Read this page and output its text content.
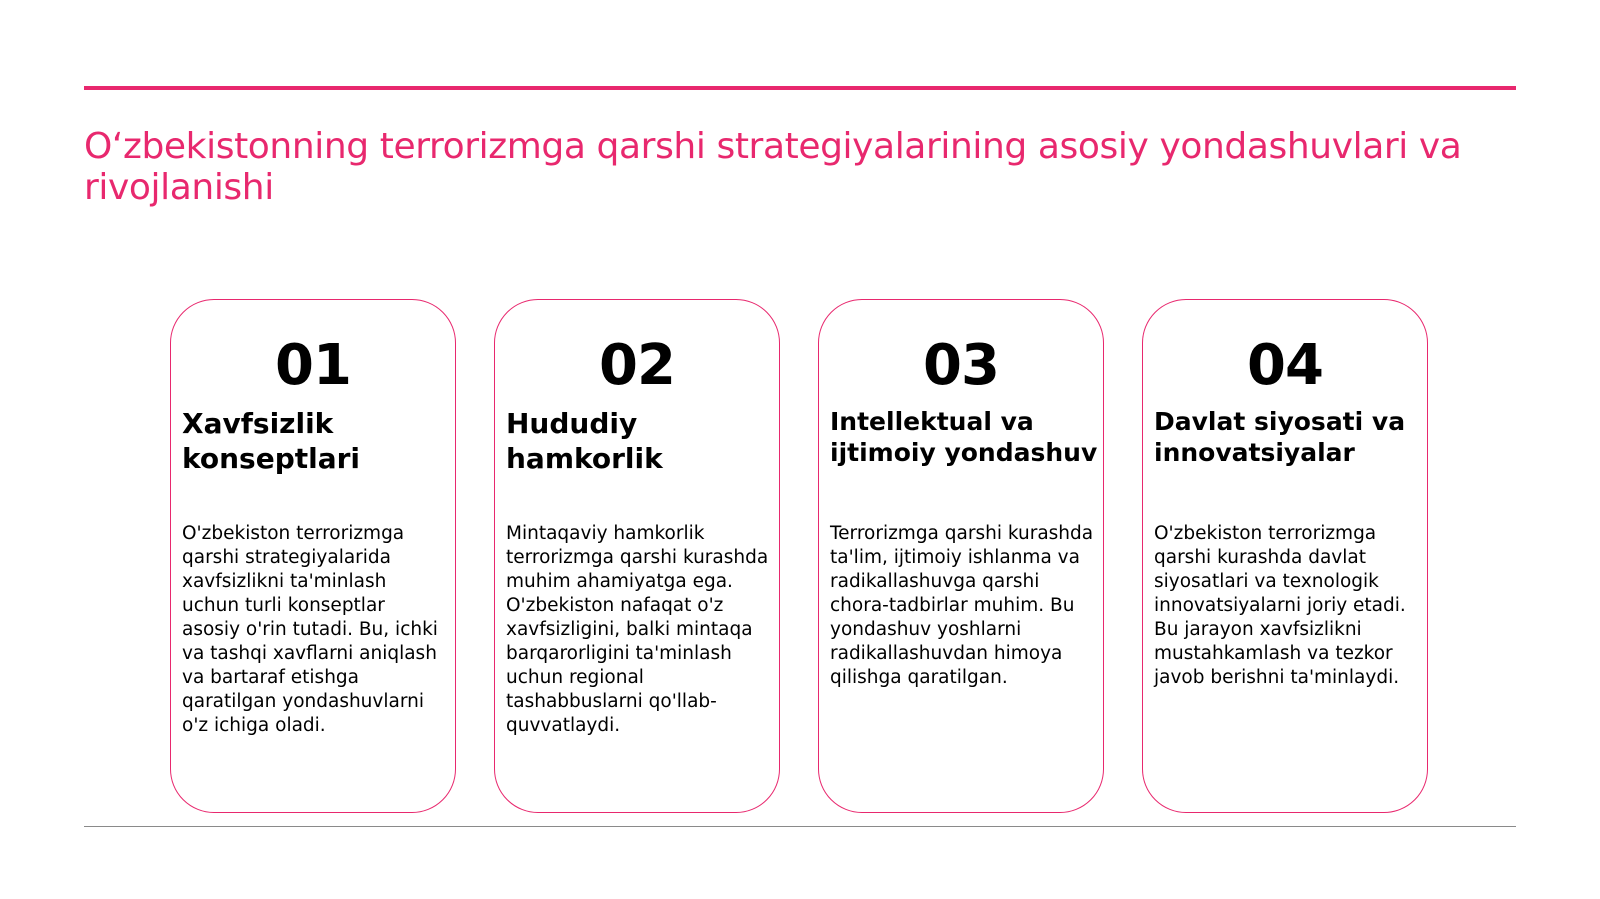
O‘zbekistonning terrorizmga qarshi strategiyalarining asosiy yondashuvlari va rivojlanishi
01
Xavfsizlik konseptlari

O'zbekiston terrorizmga qarshi strategiyalarida xavfsizlikni ta'minlash uchun turli konseptlar asosiy o'rin tutadi. Bu, ichki va tashqi xavflarni aniqlash va bartaraf etishga qaratilgan yondashuvlarni o'z ichiga oladi.

02
Hududiy hamkorlik

Mintaqaviy hamkorlik terrorizmga qarshi kurashda muhim ahamiyatga ega. O'zbekiston nafaqat o'z xavfsizligini, balki mintaqa barqarorligini ta'minlash uchun regional tashabbuslarni qo'llab-quvvatlaydi.

03
Intellektual va ijtimoiy yondashuv

Terrorizmga qarshi kurashda ta'lim, ijtimoiy ishlanma va radikallashuvga qarshi chora-tadbirlar muhim. Bu yondashuv yoshlarni radikallashuvdan himoya qilishga qaratilgan.

04
Davlat siyosati va innovatsiyalar

O'zbekiston terrorizmga qarshi kurashda davlat siyosatlari va texnologik innovatsiyalarni joriy etadi. Bu jarayon xavfsizlikni mustahkamlash va tezkor javob berishni ta'minlaydi.
